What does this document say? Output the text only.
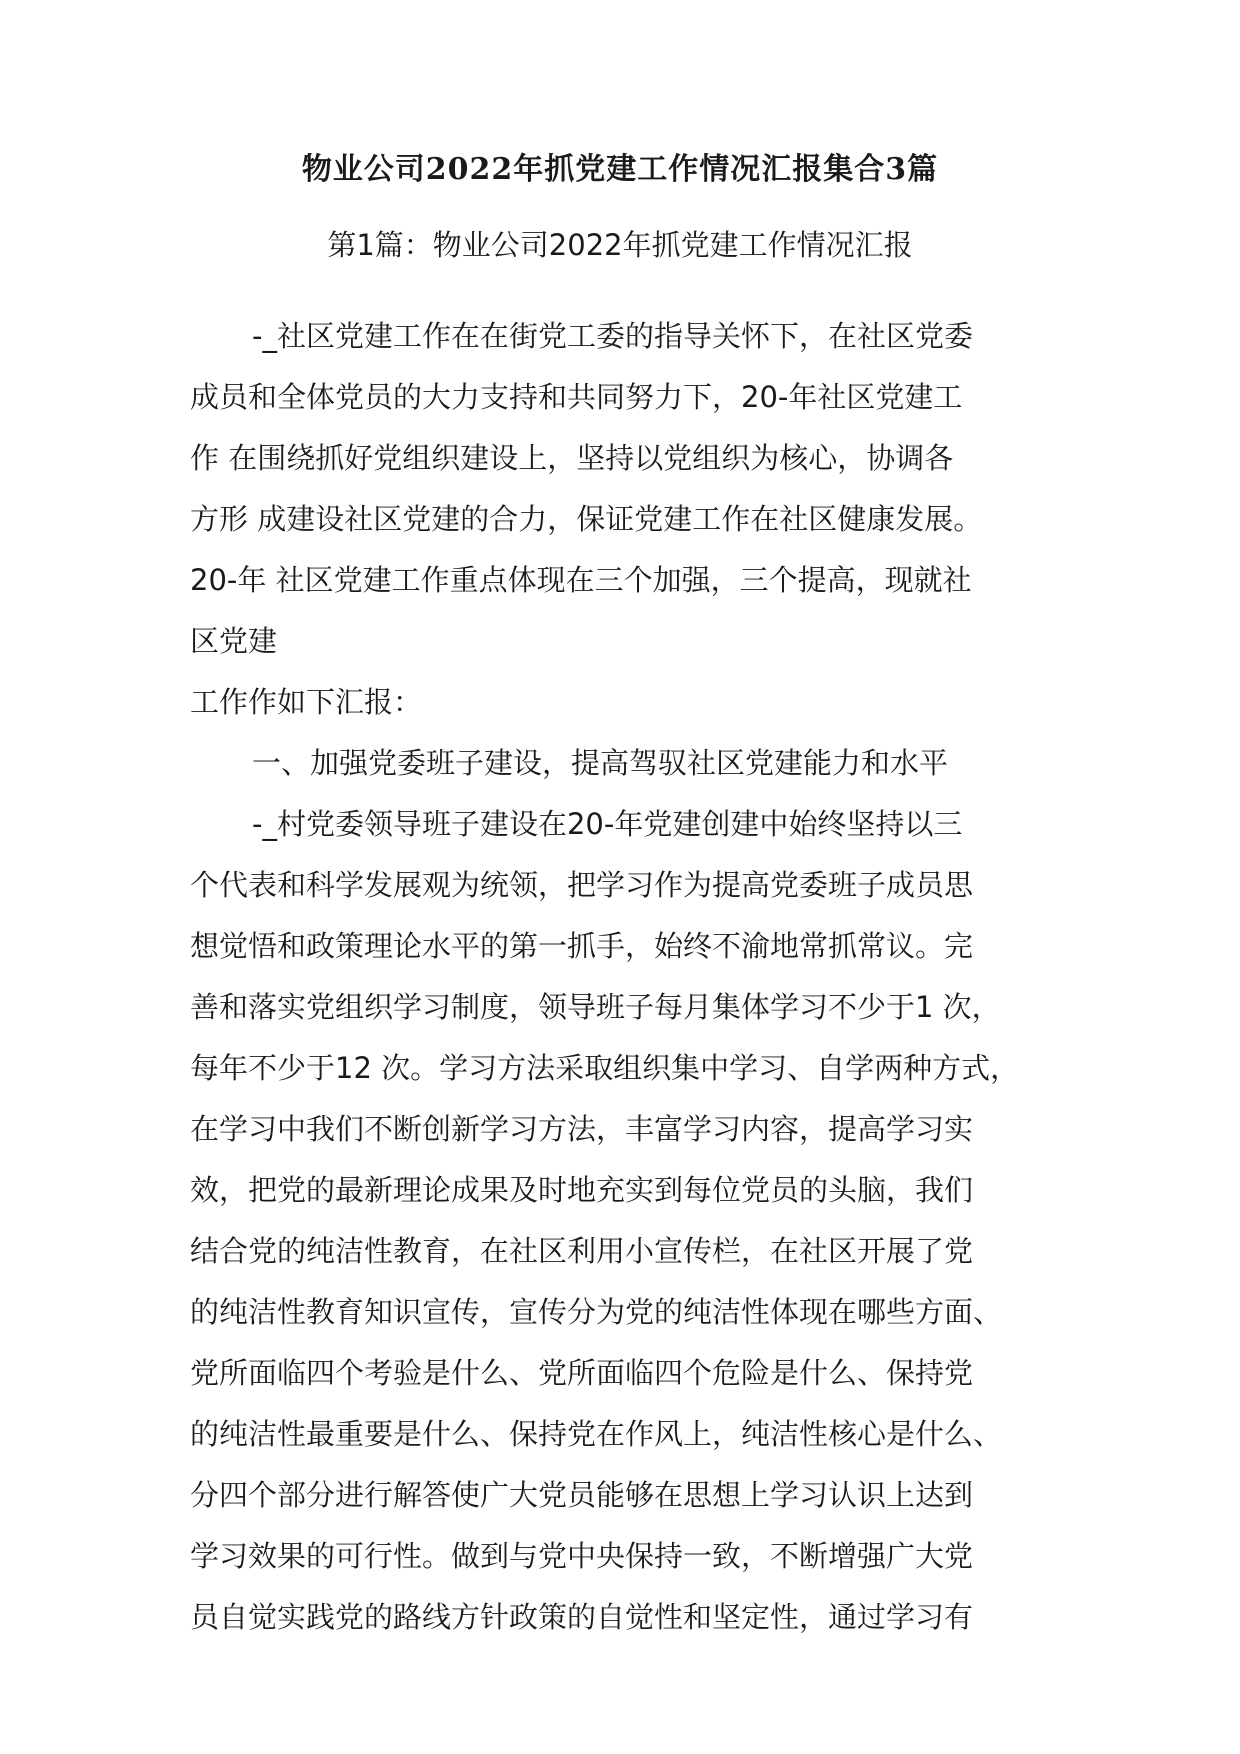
物业公司2022年抓党建工作情况汇报集合3篇
第1篇：物业公司2022年抓党建工作情况汇报
-_社区党建工作在在街党工委的指导关怀下，在社区党委
成员和全体党员的大力支持和共同努力下，20-年社区党建工
作 在围绕抓好党组织建设上，坚持以党组织为核心，协调各
方形 成建设社区党建的合力，保证党建工作在社区健康发展。
20-年 社区党建工作重点体现在三个加强，三个提高，现就社
区党建
工作作如下汇报：
一、加强党委班子建设，提高驾驭社区党建能力和水平
-_村党委领导班子建设在20-年党建创建中始终坚持以三
个代表和科学发展观为统领，把学习作为提高党委班子成员思
想觉悟和政策理论水平的第一抓手，始终不渝地常抓常议。完
善和落实党组织学习制度，领导班子每月集体学习不少于1 次，
每年不少于12 次。学习方法采取组织集中学习、自学两种方式，
在学习中我们不断创新学习方法，丰富学习内容，提高学习实
效，把党的最新理论成果及时地充实到每位党员的头脑，我们
结合党的纯洁性教育，在社区利用小宣传栏，在社区开展了党
的纯洁性教育知识宣传，宣传分为党的纯洁性体现在哪些方面、
党所面临四个考验是什么、党所面临四个危险是什么、保持党
的纯洁性最重要是什么、保持党在作风上，纯洁性核心是什么、
分四个部分进行解答使广大党员能够在思想上学习认识上达到
学习效果的可行性。做到与党中央保持一致，不断增强广大党
员自觉实践党的路线方针政策的自觉性和坚定性，通过学习有
